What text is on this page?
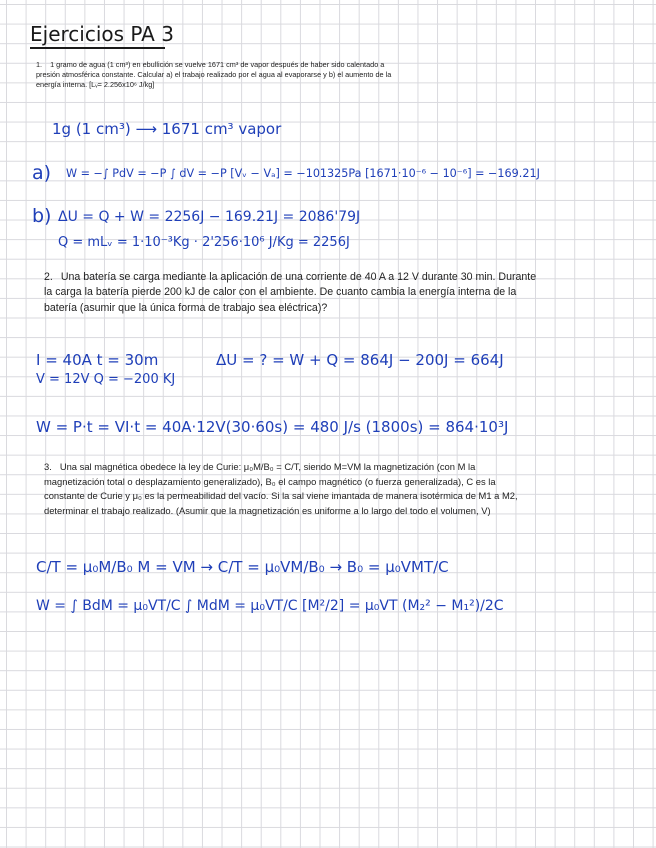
Ejercicios PA 3
1. 1 gramo de agua (1 cm³) en ebullición se vuelve 1671 cm³ de vapor después de haber sido calentado a presión atmosférica constante. Calcular a) el trabajo realizado por el agua al evaporarse y b) el aumento de la energía interna. [Lᵥ= 2.256x10⁶ J/kg]
1g (1 cm³) ⟶ 1671 cm³ vapor
a) W = −∫ PdV = −P ∫ dV = −P [Vᵥ − Vₐ] = −101325Pa [1671·10⁻⁶ − 10⁻⁶] = −169.21J
b) ΔU = Q + W = 2256J − 169.21J = 2086'79J
Q = mLᵥ = 1·10⁻³Kg · 2'256·10⁶ J/Kg = 2256J
2. Una batería se carga mediante la aplicación de una corriente de 40 A a 12 V durante 30 min. Durante la carga la batería pierde 200 kJ de calor con el ambiente. De cuanto cambia la energía interna de la batería (asumir que la única forma de trabajo sea eléctrica)?
I = 40A t = 30m
V = 12V Q = −200 KJ
ΔU = ? = W + Q = 864J − 200J = 664J
W = P·t = VI·t = 40A·12V(30·60s) = 480 J/s (1800s) = 864·10³J
3. Una sal magnética obedece la ley de Curie: μ₀M/B₀ = C/T, siendo M=VM la magnetización (con M la magnetización total o desplazamiento generalizado), B₀ el campo magnético (o fuerza generalizada), C es la constante de Curie y μ₀ es la permeabilidad del vacío. Si la sal viene imantada de manera isotérmica de M1 a M2, determinar el trabajo realizado. (Asumir que la magnetización es uniforme a lo largo del todo el volumen, V)
C/T = μ₀M/B₀ M = VM → C/T = μ₀VM/B₀ → B₀ = μ₀VMT/C
W = ∫ BdM = μ₀VT/C ∫ MdM = μ₀VT/C [M²/2] = μ₀VT (M₂² − M₁²)/2C
